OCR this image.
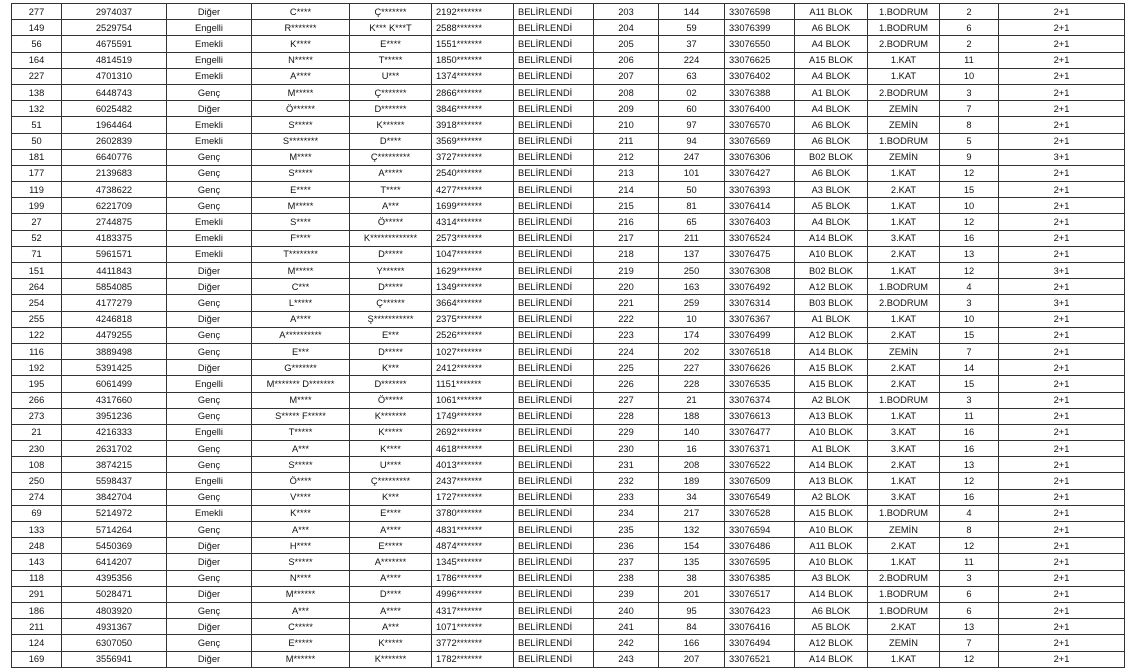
277	2974037	Diğer	C****	Ç*******	2192*******	BELİRLENDİ	203	144	33076598	A11 BLOK	1.BODRUM	2	2+1
149	2529754	Engelli	R*******	K*** K***T	2588*******	BELİRLENDİ	204	59	33076399	A6 BLOK	1.BODRUM	6	2+1
56	4675591	Emekli	K****	E****	1551*******	BELİRLENDİ	205	37	33076550	A4 BLOK	2.BODRUM	2	2+1
164	4814519	Engelli	N*****	T*****	1850*******	BELİRLENDİ	206	224	33076625	A15 BLOK	1.KAT	11	2+1
227	4701310	Emekli	A****	U***	1374*******	BELİRLENDİ	207	63	33076402	A4 BLOK	1.KAT	10	2+1
138	6448743	Genç	M*****	Ç*******	2866*******	BELİRLENDİ	208	02	33076388	A1 BLOK	2.BODRUM	3	2+1
132	6025482	Diğer	Ö******	D*******	3846*******	BELİRLENDİ	209	60	33076400	A4 BLOK	ZEMİN	7	2+1
51	1964464	Emekli	S*****	K******	3918*******	BELİRLENDİ	210	97	33076570	A6 BLOK	ZEMİN	8	2+1
50	2602839	Emekli	S********	D****	3569*******	BELİRLENDİ	211	94	33076569	A6 BLOK	1.BODRUM	5	2+1
181	6640776	Genç	M****	Ç*********	3727*******	BELİRLENDİ	212	247	33076306	B02 BLOK	ZEMİN	9	3+1
177	2139683	Genç	S*****	A*****	2540*******	BELİRLENDİ	213	101	33076427	A6 BLOK	1.KAT	12	2+1
119	4738622	Genç	E****	T****	4277*******	BELİRLENDİ	214	50	33076393	A3 BLOK	2.KAT	15	2+1
199	6221709	Genç	M*****	A***	1699*******	BELİRLENDİ	215	81	33076414	A5 BLOK	1.KAT	10	2+1
27	2744875	Emekli	S****	Ö*****	4314*******	BELİRLENDİ	216	65	33076403	A4 BLOK	1.KAT	12	2+1
52	4183375	Emekli	F****	K*************	2573*******	BELİRLENDİ	217	211	33076524	A14 BLOK	3.KAT	16	2+1
71	5961571	Emekli	T********	D*****	1047*******	BELİRLENDİ	218	137	33076475	A10 BLOK	2.KAT	13	2+1
151	4411843	Diğer	M*****	Y******	1629*******	BELİRLENDİ	219	250	33076308	B02 BLOK	1.KAT	12	3+1
264	5854085	Diğer	C***	D*****	1349*******	BELİRLENDİ	220	163	33076492	A12 BLOK	1.BODRUM	4	2+1
254	4177279	Genç	L*****	Ç******	3664*******	BELİRLENDİ	221	259	33076314	B03 BLOK	2.BODRUM	3	3+1
255	4246818	Diğer	A****	Ş***********	2375*******	BELİRLENDİ	222	10	33076367	A1 BLOK	1.KAT	10	2+1
122	4479255	Genç	A**********	E***	2526*******	BELİRLENDİ	223	174	33076499	A12 BLOK	2.KAT	15	2+1
116	3889498	Genç	E***	D*****	1027*******	BELİRLENDİ	224	202	33076518	A14 BLOK	ZEMİN	7	2+1
192	5391425	Diğer	G*******	K***	2412*******	BELİRLENDİ	225	227	33076626	A15 BLOK	2.KAT	14	2+1
195	6061499	Engelli	M******* D*******	D*******	1151*******	BELİRLENDİ	226	228	33076535	A15 BLOK	2.KAT	15	2+1
266	4317660	Genç	M****	Ö*****	1061*******	BELİRLENDİ	227	21	33076374	A2 BLOK	1.BODRUM	3	2+1
273	3951236	Genç	S***** F*****	K*******	1749*******	BELİRLENDİ	228	188	33076613	A13 BLOK	1.KAT	11	2+1
21	4216333	Engelli	T*****	K*****	2692*******	BELİRLENDİ	229	140	33076477	A10 BLOK	3.KAT	16	2+1
230	2631702	Genç	A***	K****	4618*******	BELİRLENDİ	230	16	33076371	A1 BLOK	3.KAT	16	2+1
108	3874215	Genç	S*****	U****	4013*******	BELİRLENDİ	231	208	33076522	A14 BLOK	2.KAT	13	2+1
250	5598437	Engelli	Ö****	Ç*********	2437*******	BELİRLENDİ	232	189	33076509	A13 BLOK	1.KAT	12	2+1
274	3842704	Genç	V****	K***	1727*******	BELİRLENDİ	233	34	33076549	A2 BLOK	3.KAT	16	2+1
69	5214972	Emekli	K****	E****	3780*******	BELİRLENDİ	234	217	33076528	A15 BLOK	1.BODRUM	4	2+1
133	5714264	Genç	A***	A****	4831*******	BELİRLENDİ	235	132	33076594	A10 BLOK	ZEMİN	8	2+1
248	5450369	Diğer	H****	E*****	4874*******	BELİRLENDİ	236	154	33076486	A11 BLOK	2.KAT	12	2+1
143	6414207	Diğer	S*****	A*******	1345*******	BELİRLENDİ	237	135	33076595	A10 BLOK	1.KAT	11	2+1
118	4395356	Genç	N****	A****	1786*******	BELİRLENDİ	238	38	33076385	A3 BLOK	2.BODRUM	3	2+1
291	5028471	Diğer	M******	D****	4996*******	BELİRLENDİ	239	201	33076517	A14 BLOK	1.BODRUM	6	2+1
186	4803920	Genç	A***	A****	4317*******	BELİRLENDİ	240	95	33076423	A6 BLOK	1.BODRUM	6	2+1
211	4931367	Diğer	C*****	A***	1071*******	BELİRLENDİ	241	84	33076416	A5 BLOK	2.KAT	13	2+1
124	6307050	Genç	E*****	K*****	3772*******	BELİRLENDİ	242	166	33076494	A12 BLOK	ZEMİN	7	2+1
169	3556941	Diğer	M******	K*******	1782*******	BELİRLENDİ	243	207	33076521	A14 BLOK	1.KAT	12	2+1
